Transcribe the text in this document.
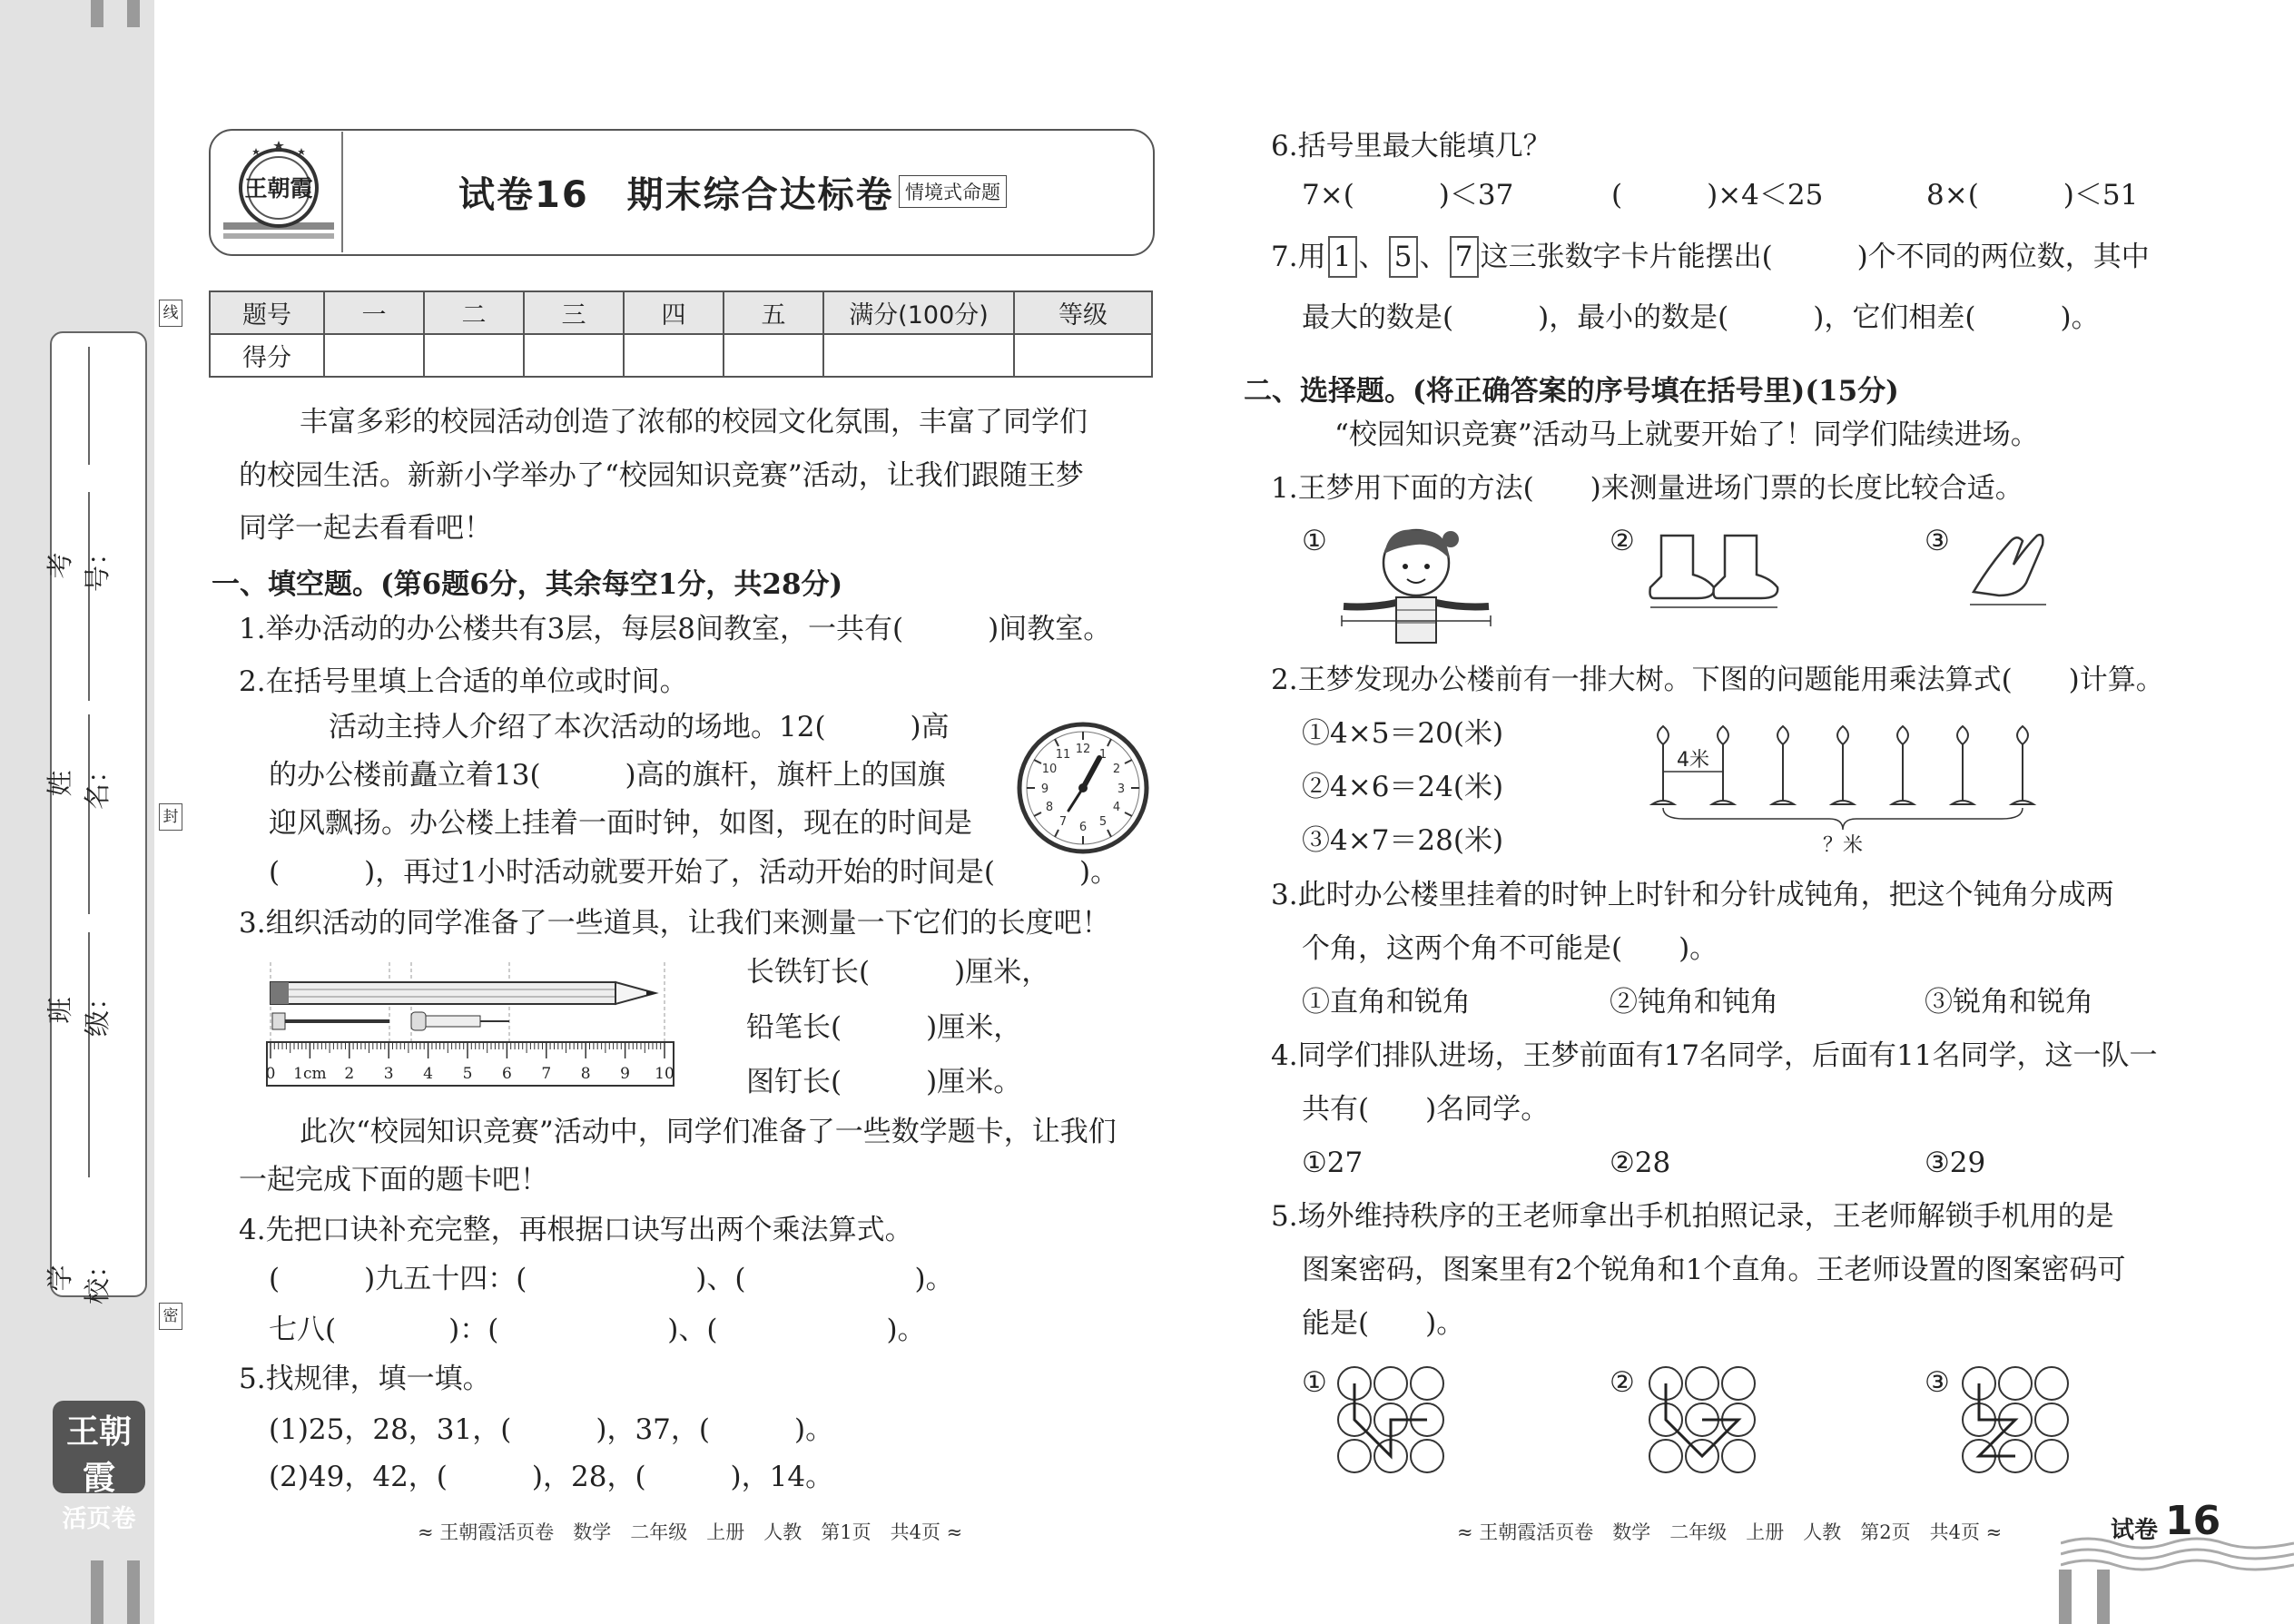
学校：
班级：
姓名：
考号：
线
封
密
王朝霞
活页卷
王朝霞	试卷16　期末综合达标卷 情境式命题
题号	一	二	三	四	五	满分(100分)	等级
得分							
丰富多彩的校园活动创造了浓郁的校园文化氛围，丰富了同学们
的校园生活。新新小学举办了“校园知识竞赛”活动，让我们跟随王梦
同学一起去看看吧！
一、填空题。(第6题6分，其余每空1分，共28分)
1.举办活动的办公楼共有3层，每层8间教室，一共有(　　　)间教室。
2.在括号里填上合适的单位或时间。
活动主持人介绍了本次活动的场地。12(　　　)高
的办公楼前矗立着13(　　　)高的旗杆，旗杆上的国旗
迎风飘扬。办公楼上挂着一面时钟，如图，现在的时间是
(　　　)，再过1小时活动就要开始了，活动开始的时间是(　　　)。
12 1
2
3
4
5
6
7
8
9
10
11
3.组织活动的同学准备了一些道具，让我们来测量一下它们的长度吧！
0 1cm 2 3 4 5 6 7 8 9 10
长铁钉长(　　　)厘米，
铅笔长(　　　)厘米，
图钉长(　　　)厘米。
此次“校园知识竞赛”活动中，同学们准备了一些数学题卡，让我们
一起完成下面的题卡吧！
4.先把口诀补充完整，再根据口诀写出两个乘法算式。
(　　　)九五十四：(　　　　　　)、(　　　　　　)。
七八(　　　　)：(　　　　　　)、(　　　　　　)。
5.找规律，填一填。
(1)25，28，31，(　　　)，37，(　　　)。
(2)49，42，(　　　)，28，(　　　)，14。
≈ 王朝霞活页卷　数学　二年级　上册　人教　第1页　共4页 ≈
6.括号里最大能填几？
7×(　　　)＜37	(　　　)×4＜25	8×(　　　)＜51
7.用 1 、 5 、 7 这三张数字卡片能摆出(　　　)个不同的两位数，其中
最大的数是(　　　)，最小的数是(　　　)，它们相差(　　　)。
二、选择题。(将正确答案的序号填在括号里)(15分)
“校园知识竞赛”活动马上就要开始了！同学们陆续进场。
1.王梦用下面的方法(　　)来测量进场门票的长度比较合适。
①	②	③
2.王梦发现办公楼前有一排大树。下图的问题能用乘法算式(　　)计算。
①4×5＝20(米)
②4×6＝24(米)
③4×7＝28(米)
4米
？米
3.此时办公楼里挂着的时钟上时针和分针成钝角，把这个钝角分成两
个角，这两个角不可能是(　　)。
①直角和锐角	②钝角和钝角	③锐角和锐角
4.同学们排队进场，王梦前面有17名同学，后面有11名同学，这一队一
共有(　　)名同学。
①27	②28	③29
5.场外维持秩序的王老师拿出手机拍照记录，王老师解锁手机用的是
图案密码，图案里有2个锐角和1个直角。王老师设置的图案密码可
能是(　　)。
①	②	③
≈ 王朝霞活页卷　数学　二年级　上册　人教　第2页　共4页 ≈	试卷 16
